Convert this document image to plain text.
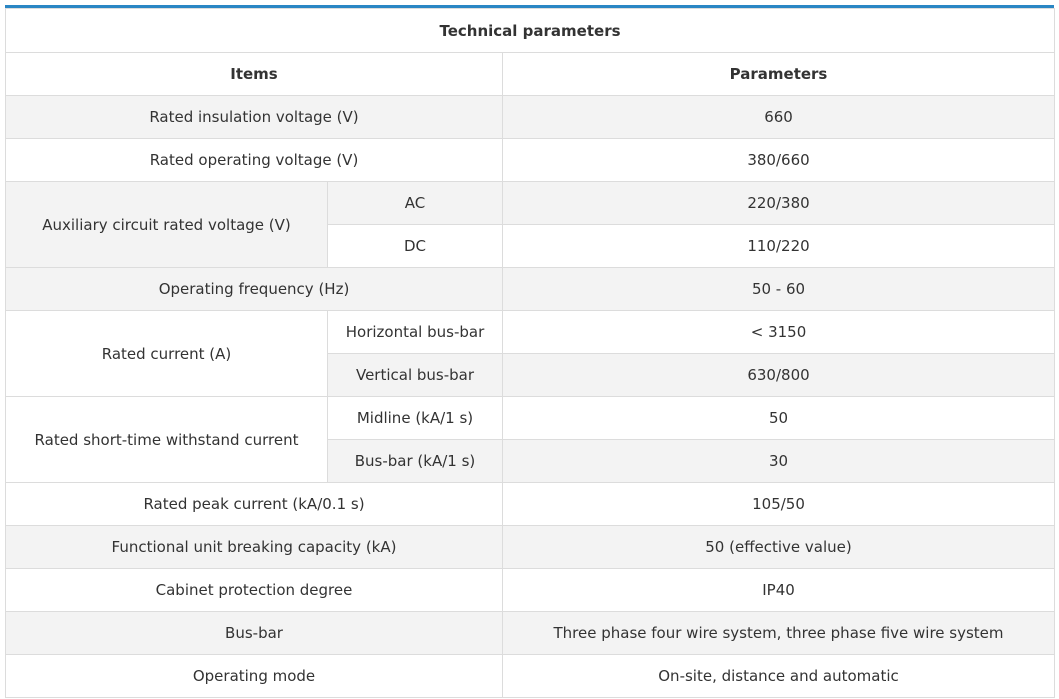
Technical parameters		
Items		Parameters
Rated insulation voltage (V)		660
Rated operating voltage (V)		380/660
Auxiliary circuit rated voltage (V)	AC	220/380
	DC	110/220
Operating frequency (Hz)		50 - 60
Rated current (A)	Horizontal bus-bar	< 3150
	Vertical bus-bar	630/800
Rated short-time withstand current	Midline (kA/1 s)	50
	Bus-bar (kA/1 s)	30
Rated peak current (kA/0.1 s)		105/50
Functional unit breaking capacity (kA)		50 (effective value)
Cabinet protection degree		IP40
Bus-bar		Three phase four wire system, three phase five wire system
Operating mode		On-site, distance and automatic
